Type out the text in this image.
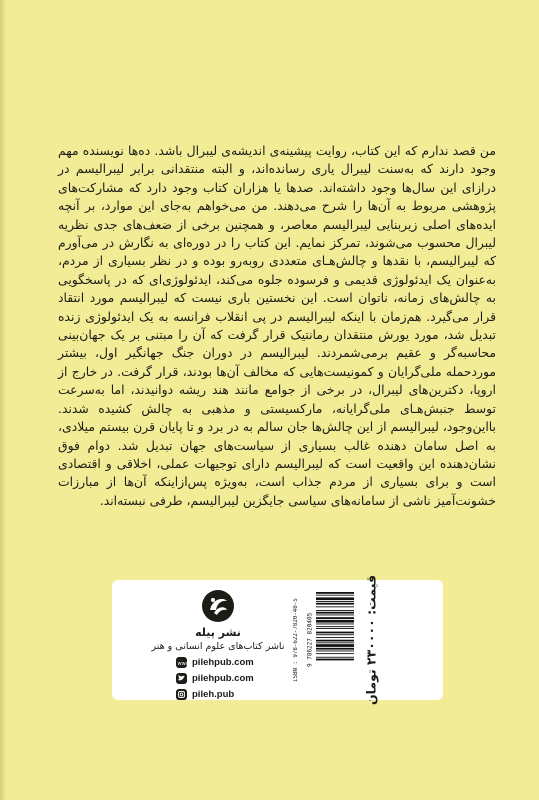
من قصد ندارم که این کتاب، روایت پیشینه‌ی اندیشه‌ی لیبرال باشد. ده‌ها نویسنده مهم وجود دارند که به‌سنت لیبرال یاری رسانده‌اند، و البته منتقدانی برابر لیبرالیسم در درازای این سال‌ها وجود داشته‌اند. صدها یا هزاران کتاب وجود دارد که مشارکت‌های پژوهشی مربوط به آن‌ها را شرح می‌دهند. من می‌خواهم به‌جای این موارد، بر آنچه ایده‌های اصلی زیربنایی لیبرالیسم معاصر، و همچنین برخی از ضعف‌های جدی نظریه لیبرال محسوب می‌شوند، تمرکز نمایم. این کتاب را در دوره‌ای به نگارش در می‌آورم که لیبرالیسم، با نقدها و چالش‌هـای متعددی روبه‌رو بوده و در نظر بسیاری از مردم، به‌عنوان یک ایدئولوژی قدیمی و فرسوده جلوه می‌کند، ایدئولوژی‌ای که در پاسخگویی به چالش‌های زمانه، ناتوان است. این نخستین باری نیست که لیبرالیسم مورد انتقاد قرار می‌گیرد. هم‌زمان با اینکه لیبرالیسم در پی انقلاب فرانسه به یک ایدئولوژی زنده تبدیل شد، مورد یورش منتقدان رمانتیک قرار گرفت که آن را مبتنی بر یک جهان‌بینی محاسبه‌گر و عقیم برمی‌شمردند. لیبرالیسم در دوران جنگ جهانگیر اول، بیشتر موردحمله ملی‌گرایان و کمونیست‌هایی که مخالف آن‌ها بودند، قرار گرفت. در خارج از اروپا، دکترین‌های لیبرال، در برخی از جوامع مانند هند ریشه دوانیدند، اما به‌سرعت توسط جنبش‌هـای ملی‌گرایانه، مارکسیستی و مذهبی به چالش کشیده شدند. بااین‌وجود، لیبرالیسم از این چالش‌ها جان سالم به در برد و تا پایان قرن بیستم میلادی، به اصل سامان دهنده غالب بسیاری از سیاست‌های جهان تبدیل شد. دوام فوق نشان‌دهنده این واقعیت است که لیبرالیسم دارای توجیهات عملی، اخلاقی و اقتصادی است و برای بسیاری از مردم جذاب است، به‌ویژه پس‌ازاینکه آن‌ها از مبارزات خشونت‌آمیز ناشی از سامانه‌های سیاسی جایگزین لیبرالیسم، طرفی نبسته‌اند.

قیمت: ۲۳۰۰۰۰ تومان
9 786227 820405
ISBN : 978-622-7820-40-5
نشر پیله
ناشر کتاب‌های علوم انسانی و هنر
www pilehpub.com
pilehpub.com
pileh.pub
